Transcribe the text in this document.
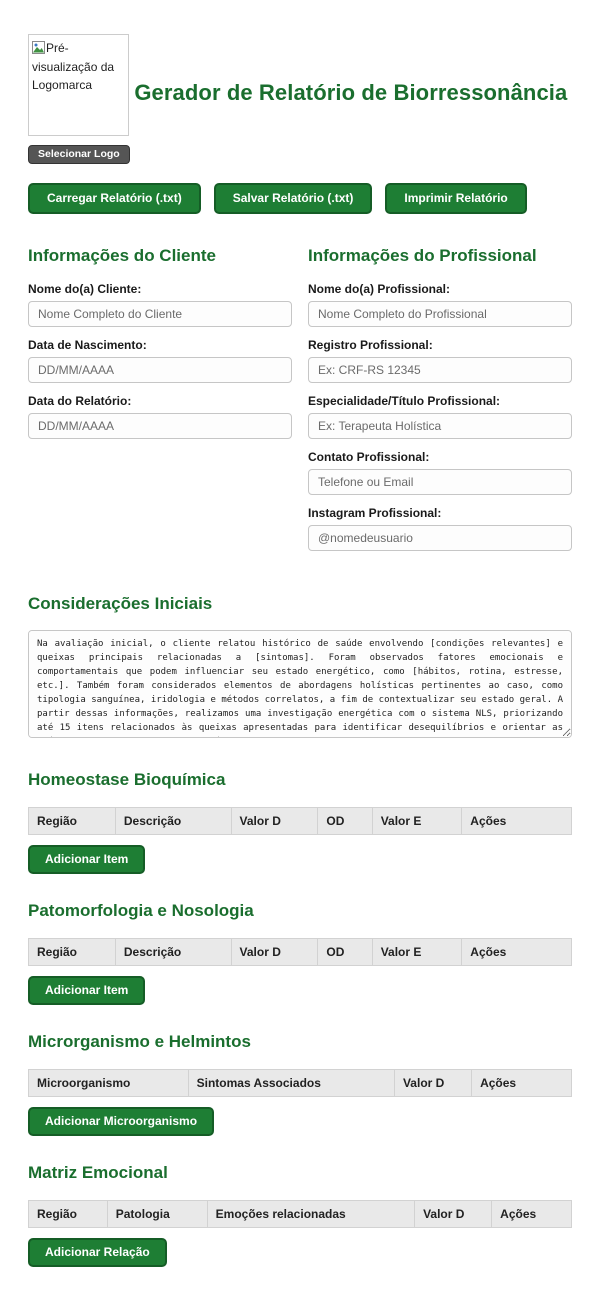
Pré-visualização da Logomarca
Selecionar Logo
Gerador de Relatório de Biorressonância
Carregar Relatório (.txt)	Salvar Relatório (.txt)	Imprimir Relatório
Informações do Cliente
Nome do(a) Cliente:
Nome Completo do Cliente
Data de Nascimento:
DD/MM/AAAA
Data do Relatório:
DD/MM/AAAA
Informações do Profissional
Nome do(a) Profissional:
Nome Completo do Profissional
Registro Profissional:
Ex: CRF-RS 12345
Especialidade/Título Profissional:
Ex: Terapeuta Holística
Contato Profissional:
Telefone ou Email
Instagram Profissional:
@nomedeusuario
Considerações Iniciais
Na avaliação inicial, o cliente relatou histórico de saúde envolvendo [condições relevantes] e queixas principais relacionadas a [sintomas]. Foram observados fatores emocionais e comportamentais que podem influenciar seu estado energético, como [hábitos, rotina, estresse, etc.]. Também foram considerados elementos de abordagens holísticas pertinentes ao caso, como tipologia sanguínea, iridologia e métodos correlatos, a fim de contextualizar seu estado geral. A partir dessas informações, realizamos uma investigação energética com o sistema NLS, priorizando até 15 itens relacionados às queixas apresentadas para identificar desequilíbrios e orientar as próximas etapas do processo terapêutico.
Homeostase Bioquímica
Região	Descrição	Valor D	OD	Valor E	Ações
Adicionar Item
Patomorfologia e Nosologia
Região	Descrição	Valor D	OD	Valor E	Ações
Adicionar Item
Microrganismo e Helmintos
Microorganismo	Sintomas Associados	Valor D	Ações
Adicionar Microorganismo
Matriz Emocional
Região	Patologia	Emoções relacionadas	Valor D	Ações
Adicionar Relação
